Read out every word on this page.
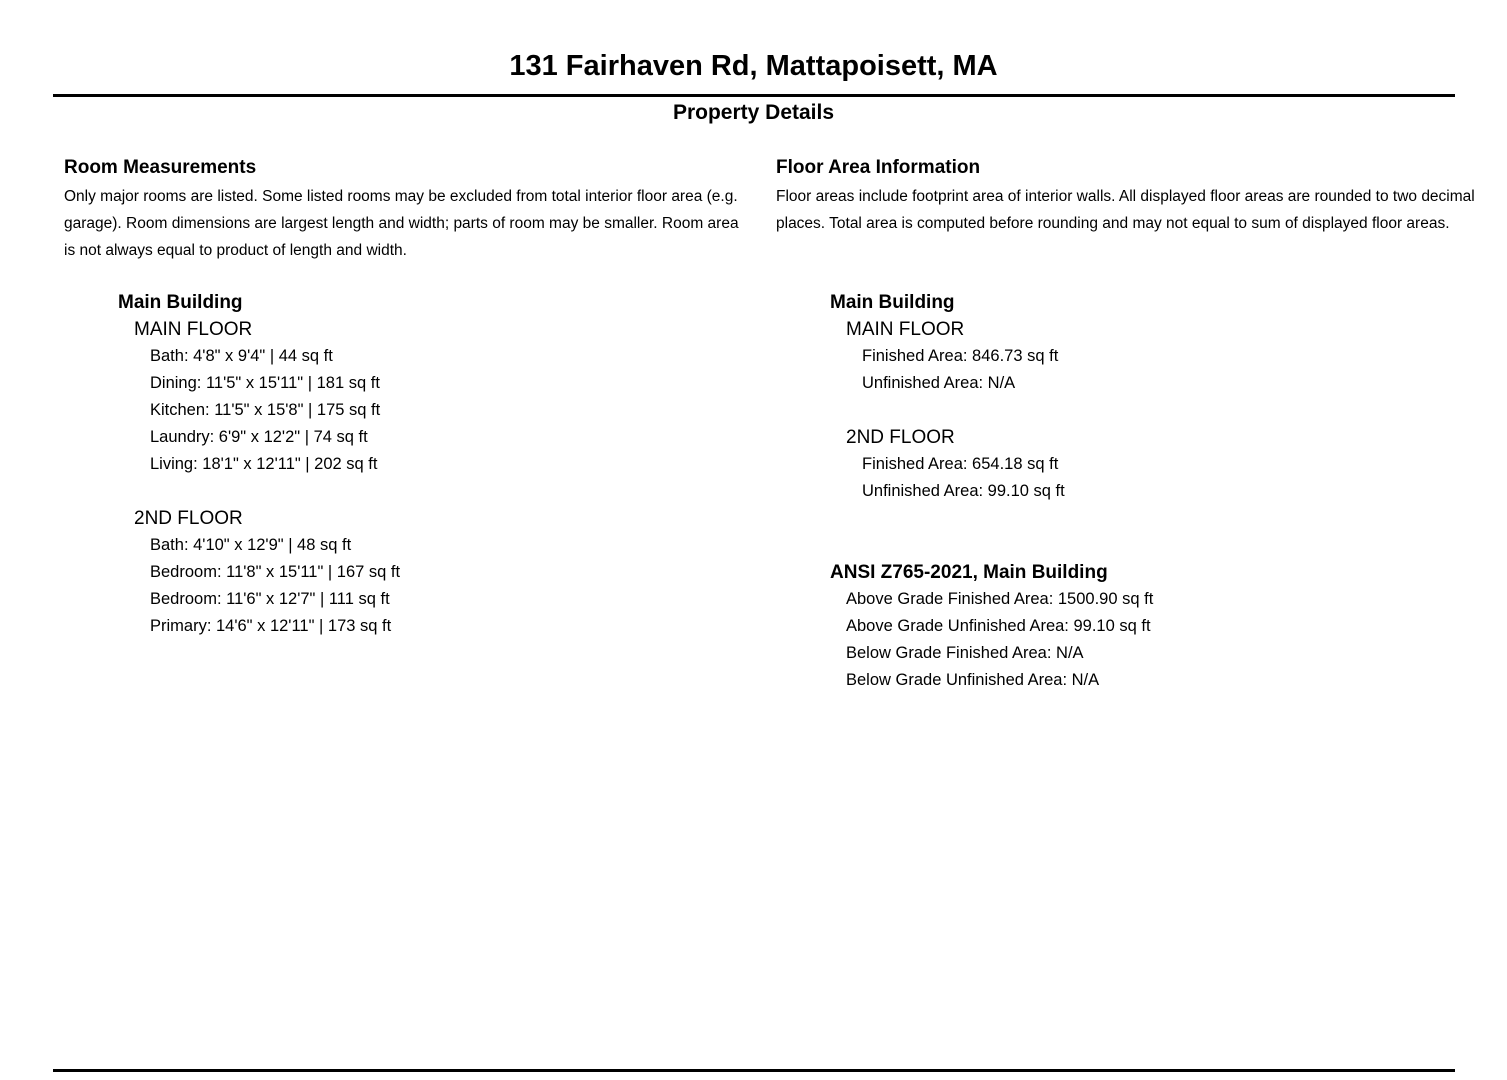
131 Fairhaven Rd, Mattapoisett, MA
Property Details

Room Measurements

Only major rooms are listed. Some listed rooms may be excluded from total interior floor area (e.g. garage). Room dimensions are largest length and width; parts of room may be smaller. Room area is not always equal to product of length and width.

Main Building

MAIN FLOOR

Bath: 4'8" x 9'4" | 44 sq ft

Dining: 11'5" x 15'11" | 181 sq ft

Kitchen: 11'5" x 15'8" | 175 sq ft

Laundry: 6'9" x 12'2" | 74 sq ft

Living: 18'1" x 12'11" | 202 sq ft

2ND FLOOR

Bath: 4'10" x 12'9" | 48 sq ft

Bedroom: 11'8" x 15'11" | 167 sq ft

Bedroom: 11'6" x 12'7" | 111 sq ft

Primary: 14'6" x 12'11" | 173 sq ft

Floor Area Information

Floor areas include footprint area of interior walls. All displayed floor areas are rounded to two decimal places. Total area is computed before rounding and may not equal to sum of displayed floor areas.

Main Building

MAIN FLOOR

Finished Area: 846.73 sq ft

Unfinished Area: N/A

2ND FLOOR

Finished Area: 654.18 sq ft

Unfinished Area: 99.10 sq ft

ANSI Z765-2021, Main Building

Above Grade Finished Area: 1500.90 sq ft

Above Grade Unfinished Area: 99.10 sq ft

Below Grade Finished Area: N/A

Below Grade Unfinished Area: N/A
